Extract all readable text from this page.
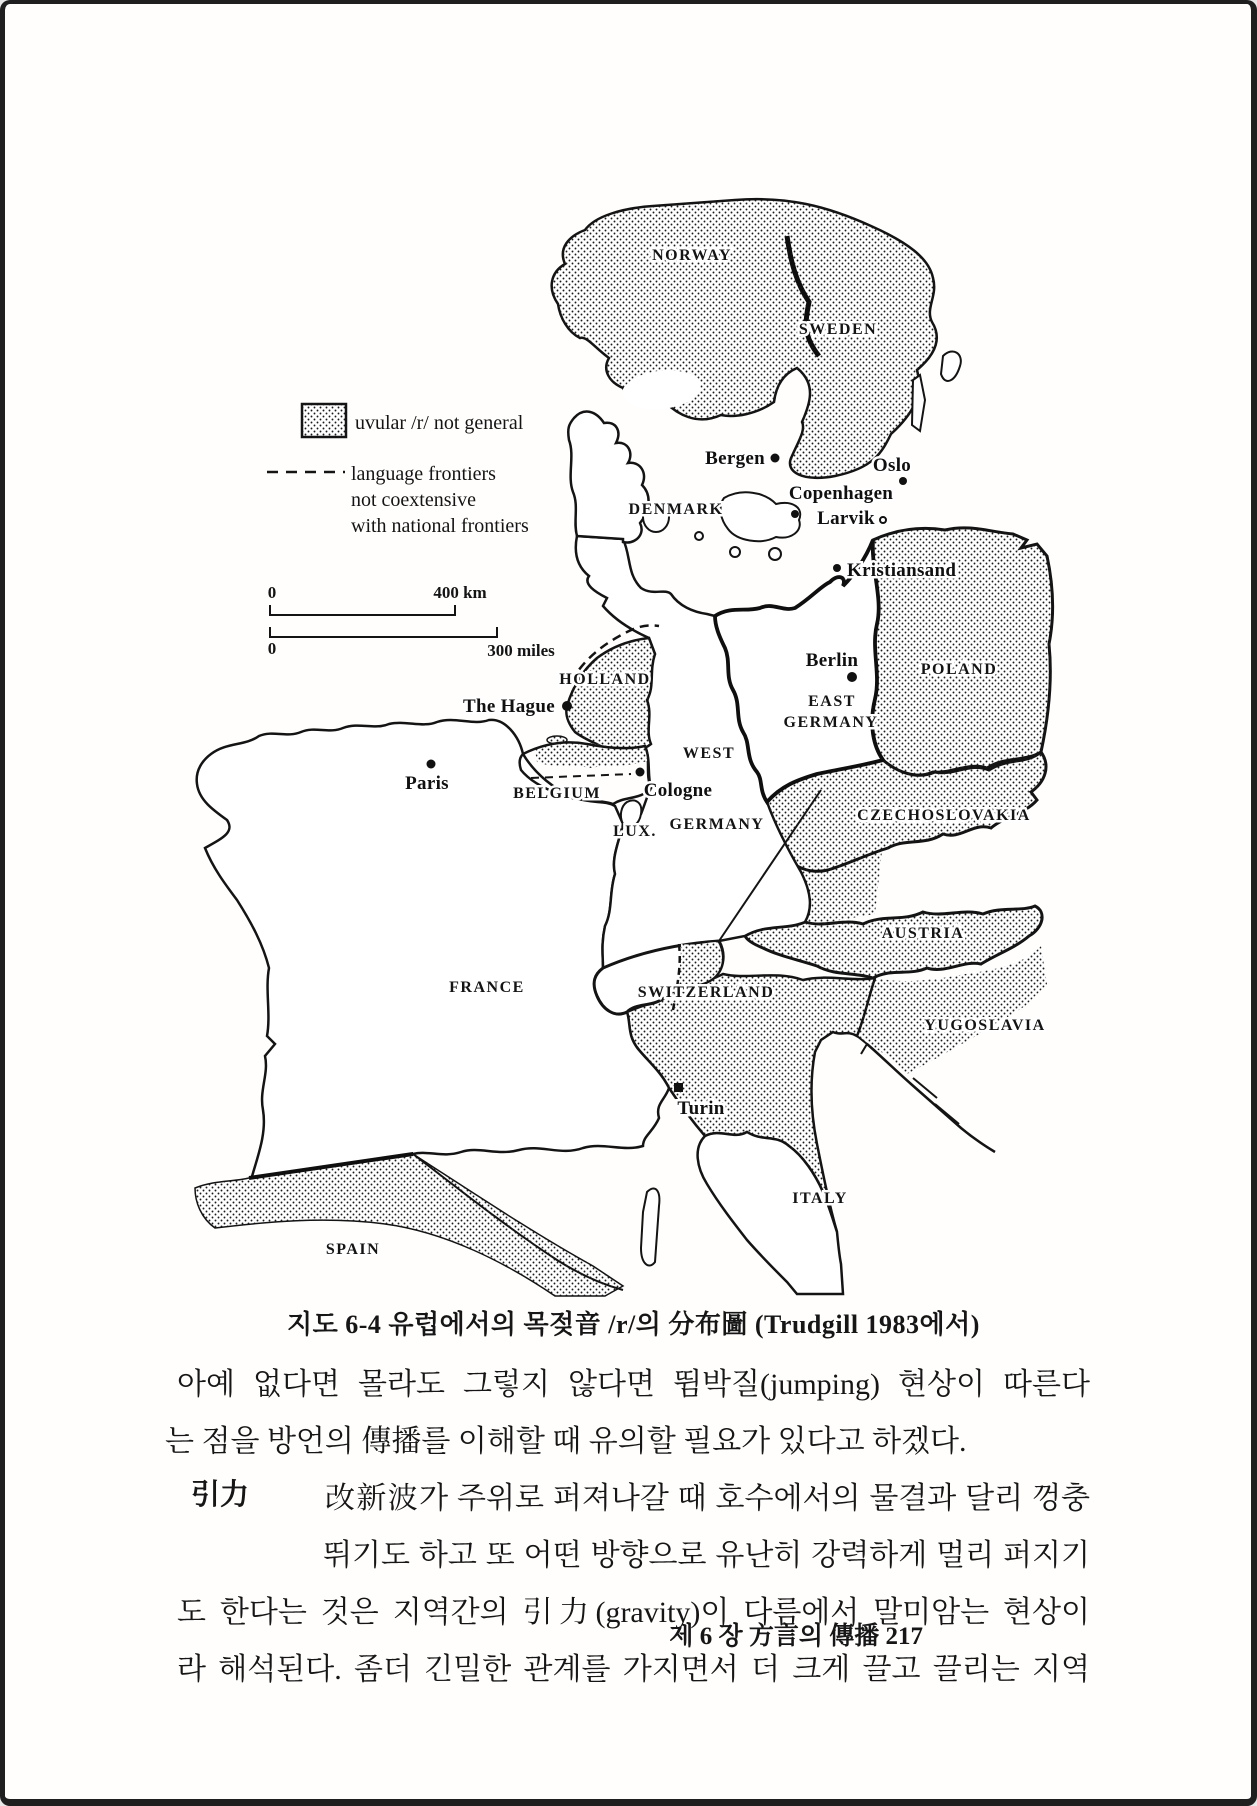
uvular /r/ not general
language frontiers
not coextensive
with national frontiers
0	400 km
0	300 miles
NORWAY
SWEDEN
DENMARK
HOLLAND
BELGIUM
LUX.
WEST
GERMANY
EAST
GERMANY
POLAND
CZECHOSLOVAKIA
AUSTRIA
SWITZERLAND
YUGOSLAVIA
ITALY
FRANCE
SPAIN
Bergen	Oslo
Larvik
Kristiansand
Copenhagen
The Hague
Cologne
Berlin
Paris
Turin
지도 6-4 유럽에서의 목젖音 /r/의 分布圖 (Trudgill 1983에서)
아예 없다면 몰라도 그렇지 않다면 뜀박질(jumping) 현상이 따른다
는 점을 방언의 傳播를 이해할 때 유의할 필요가 있다고 하겠다.
改新波가 주위로 퍼져나갈 때 호수에서의 물결과 달리 껑충
引力
뛰기도 하고 또 어떤 방향으로 유난히 강력하게 멀리 퍼지기
도 한다는 것은 지역간의 引力(gravity)이 다름에서 말미암는 현상이
라 해석된다. 좀더 긴밀한 관계를 가지면서 더 크게 끌고 끌리는 지역
제 6 장 方言의 傳播 217
